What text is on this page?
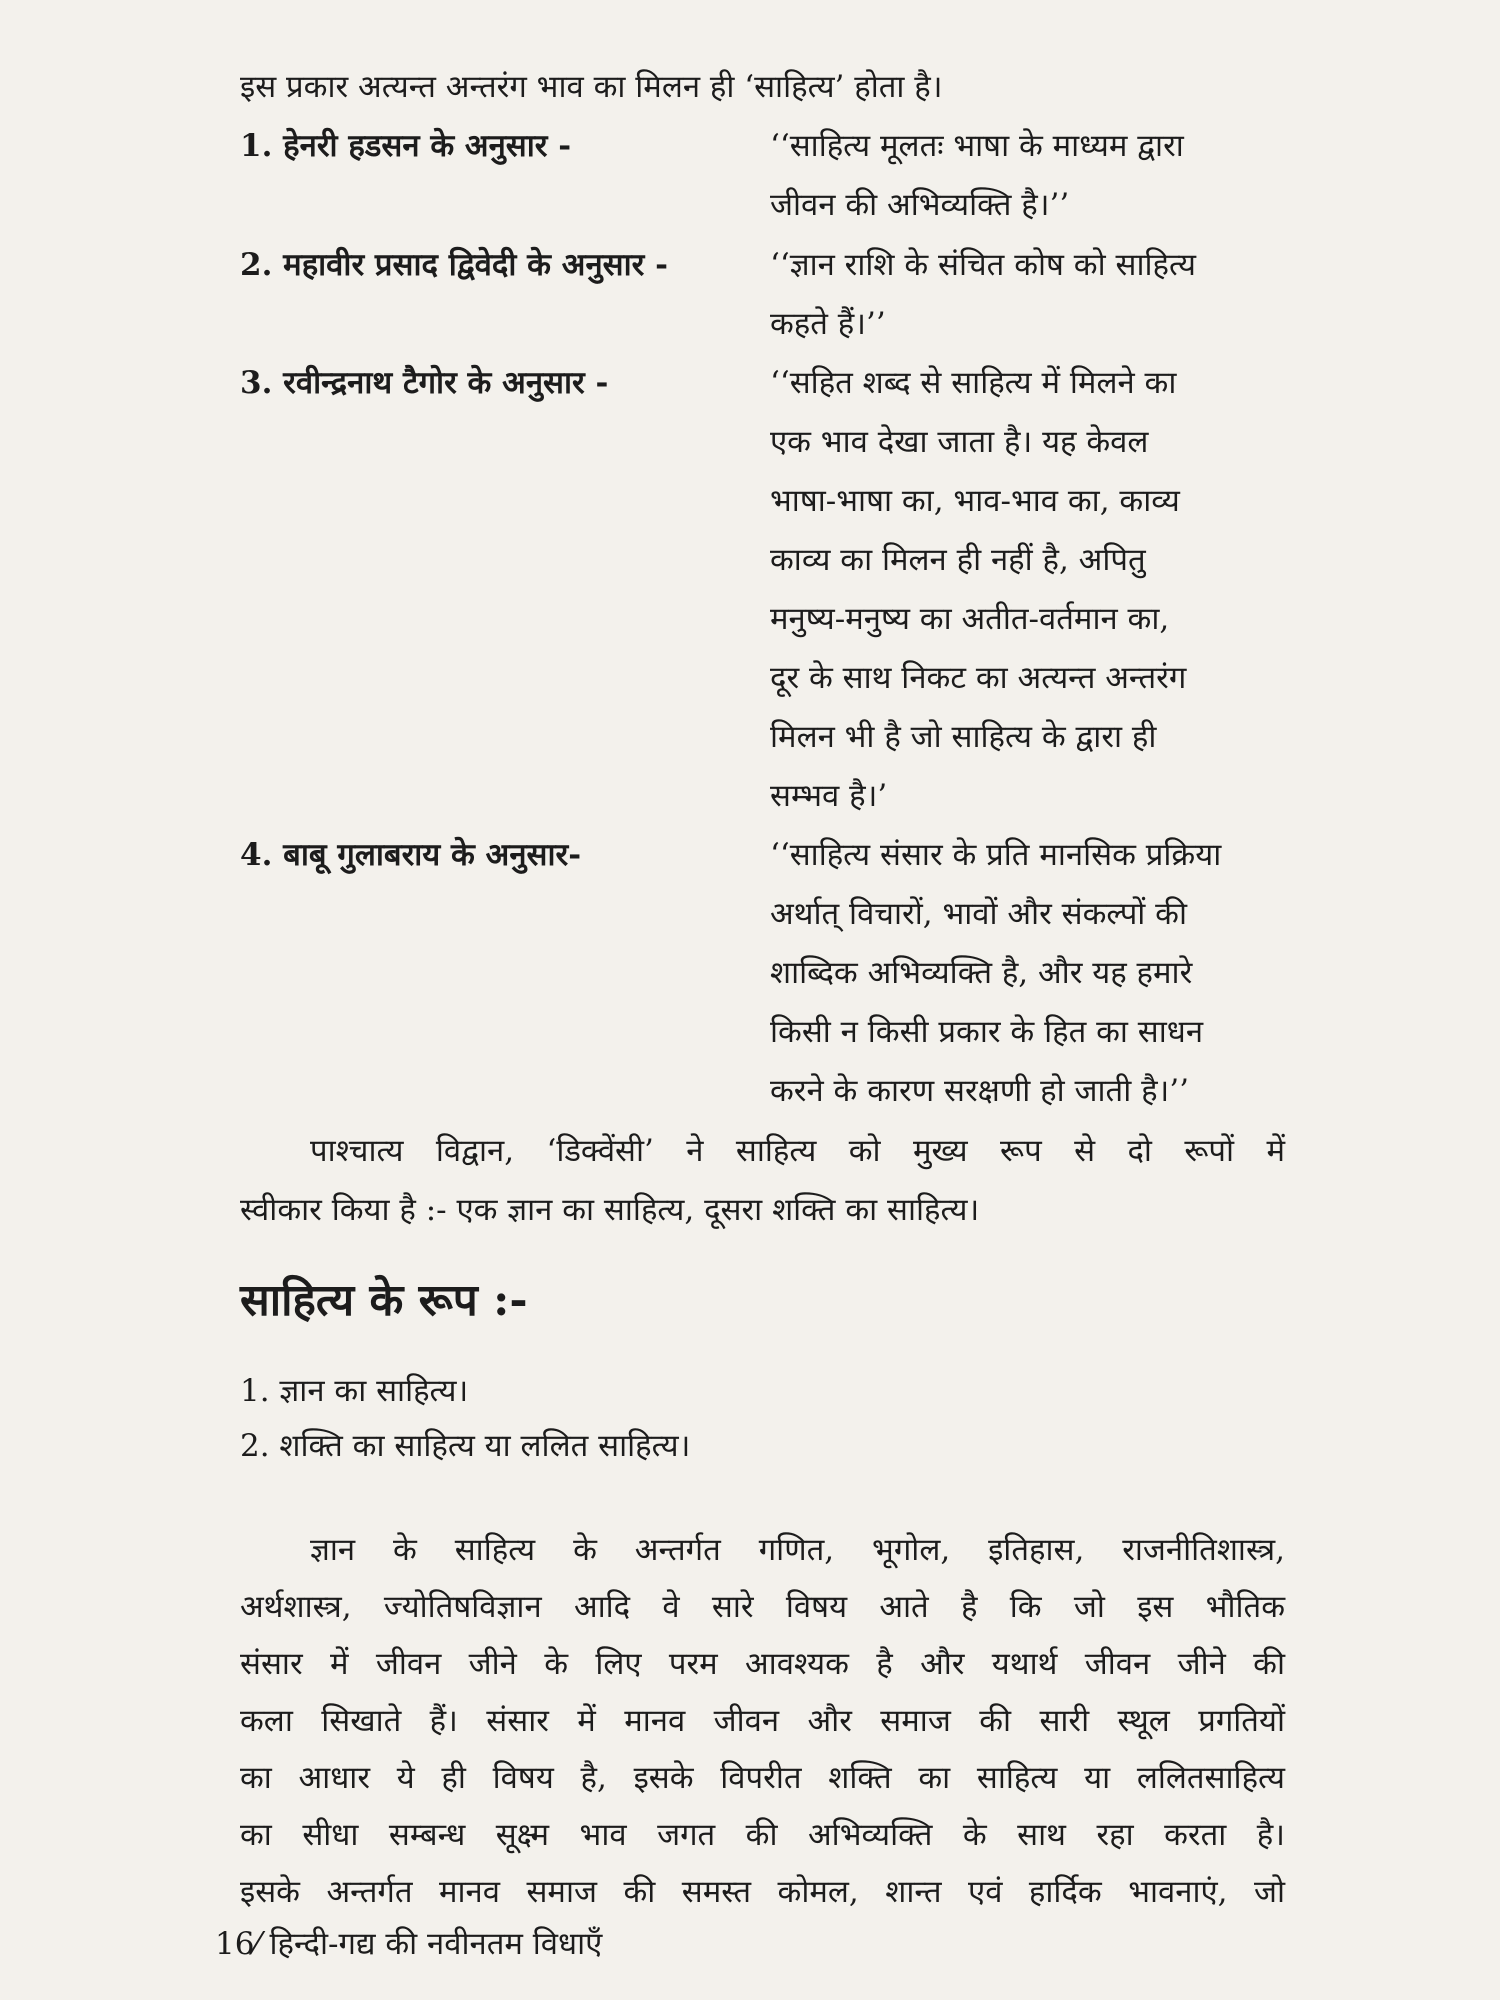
इस प्रकार अत्यन्त अन्तरंग भाव का मिलन ही ‘साहित्य’ होता है।

1. हेनरी हडसन के अनुसार -	‘‘साहित्य मूलतः भाषा के माध्यम द्वारा
जीवन की अभिव्यक्ति है।’’
2. महावीर प्रसाद द्विवेदी के अनुसार -	‘‘ज्ञान राशि के संचित कोष को साहित्य
कहते हैं।’’
3. रवीन्द्रनाथ टैगोर के अनुसार -	‘‘सहित शब्द से साहित्य में मिलने का
एक भाव देखा जाता है। यह केवल
भाषा-भाषा का, भाव-भाव का, काव्य
काव्य का मिलन ही नहीं है, अपितु
मनुष्य-मनुष्य का अतीत-वर्तमान का,
दूर के साथ निकट का अत्यन्त अन्तरंग
मिलन भी है जो साहित्य के द्वारा ही
सम्भव है।’
4. बाबू गुलाबराय के अनुसार-	‘‘साहित्य संसार के प्रति मानसिक प्रक्रिया
अर्थात् विचारों, भावों और संकल्पों की
शाब्दिक अभिव्यक्ति है, और यह हमारे
किसी न किसी प्रकार के हित का साधन
करने के कारण सरक्षणी हो जाती है।’’
पाश्चात्य विद्वान, ‘डिक्वेंसी’ ने साहित्य को मुख्य रूप से दो रूपों में
स्वीकार किया है :- एक ज्ञान का साहित्य, दूसरा शक्ति का साहित्य।
साहित्य के रूप :-
1. ज्ञान का साहित्य।
2. शक्ति का साहित्य या ललित साहित्य।
ज्ञान के साहित्य के अन्तर्गत गणित, भूगोल, इतिहास, राजनीतिशास्त्र,
अर्थशास्त्र, ज्योतिषविज्ञान आदि वे सारे विषय आते है कि जो इस भौतिक
संसार में जीवन जीने के लिए परम आवश्यक है और यथार्थ जीवन जीने की
कला सिखाते हैं। संसार में मानव जीवन और समाज की सारी स्थूल प्रगतियों
का आधार ये ही विषय है, इसके विपरीत शक्ति का साहित्य या ललितसाहित्य
का सीधा सम्बन्ध सूक्ष्म भाव जगत की अभिव्यक्ति के साथ रहा करता है।
इसके अन्तर्गत मानव समाज की समस्त कोमल, शान्त एवं हार्दिक भावनाएं, जो
16⁄ हिन्दी-गद्य की नवीनतम विधाएँ
